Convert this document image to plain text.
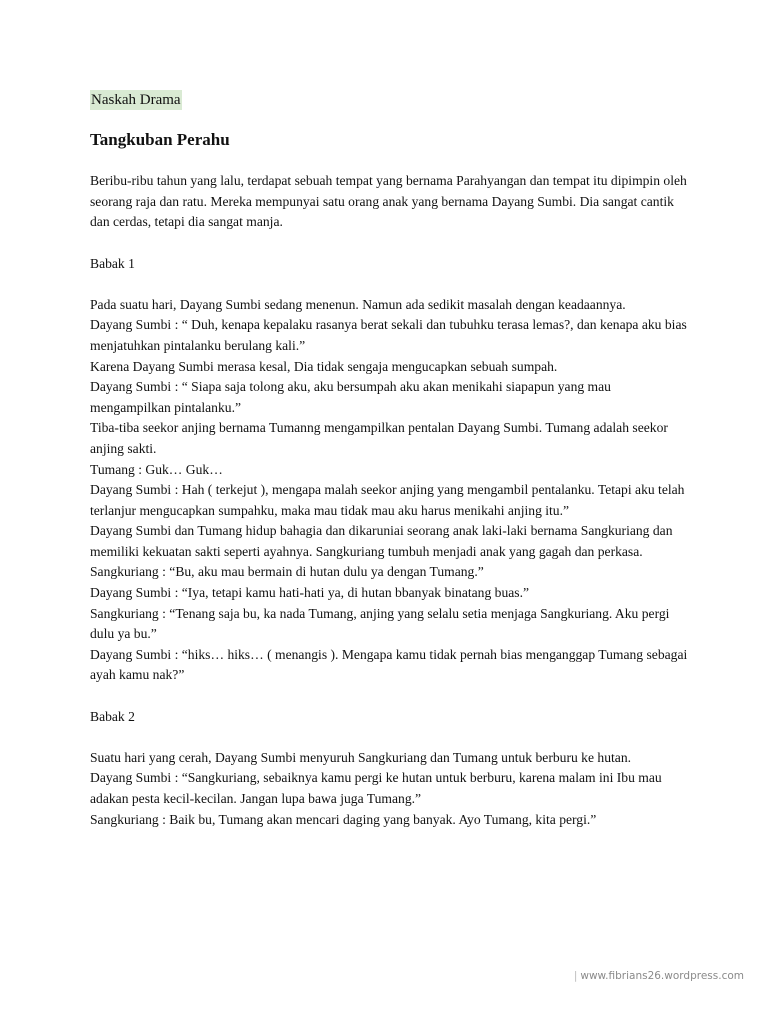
Naskah Drama

Tangkuban Perahu

Beribu-ribu tahun yang lalu, terdapat sebuah tempat yang bernama Parahyangan dan tempat itu dipimpin oleh seorang raja dan ratu. Mereka mempunyai satu orang anak yang bernama Dayang Sumbi. Dia sangat cantik dan cerdas, tetapi dia sangat manja.

Babak 1

Pada suatu hari, Dayang Sumbi sedang menenun. Namun ada sedikit masalah dengan keadaannya.

Dayang Sumbi : “ Duh, kenapa kepalaku rasanya berat sekali dan tubuhku terasa lemas?, dan kenapa aku bias menjatuhkan pintalanku berulang kali.”

Karena Dayang Sumbi merasa kesal, Dia tidak sengaja mengucapkan sebuah sumpah.

Dayang Sumbi : “ Siapa saja tolong aku, aku bersumpah aku akan menikahi siapapun yang mau mengampilkan pintalanku.”

Tiba-tiba seekor anjing bernama Tumanng mengampilkan pentalan Dayang Sumbi. Tumang adalah seekor anjing sakti.

Tumang : Guk… Guk…

Dayang Sumbi : Hah ( terkejut ), mengapa malah seekor anjing yang mengambil pentalanku. Tetapi aku telah terlanjur mengucapkan sumpahku, maka mau tidak mau aku harus menikahi anjing itu.”

Dayang Sumbi dan Tumang hidup bahagia dan dikaruniai seorang anak laki-laki bernama Sangkuriang dan memiliki kekuatan sakti seperti ayahnya. Sangkuriang tumbuh menjadi anak yang gagah dan perkasa.

Sangkuriang : “Bu, aku mau bermain di hutan dulu ya dengan Tumang.”

Dayang Sumbi : “Iya, tetapi kamu hati-hati ya, di hutan bbanyak binatang buas.”

Sangkuriang : “Tenang saja bu, ka nada Tumang, anjing yang selalu setia menjaga Sangkuriang. Aku pergi dulu ya bu.”

Dayang Sumbi : “hiks… hiks… ( menangis ). Mengapa kamu tidak pernah bias menganggap Tumang sebagai ayah kamu nak?”

Babak 2

Suatu hari yang cerah, Dayang Sumbi menyuruh Sangkuriang dan Tumang untuk berburu ke hutan.

Dayang Sumbi : “Sangkuriang, sebaiknya kamu pergi ke hutan untuk berburu, karena malam ini Ibu mau adakan pesta kecil-kecilan. Jangan lupa bawa juga Tumang.”

Sangkuriang : Baik bu, Tumang akan mencari daging yang banyak. Ayo Tumang, kita pergi.”

| www.fibrians26.wordpress.com
